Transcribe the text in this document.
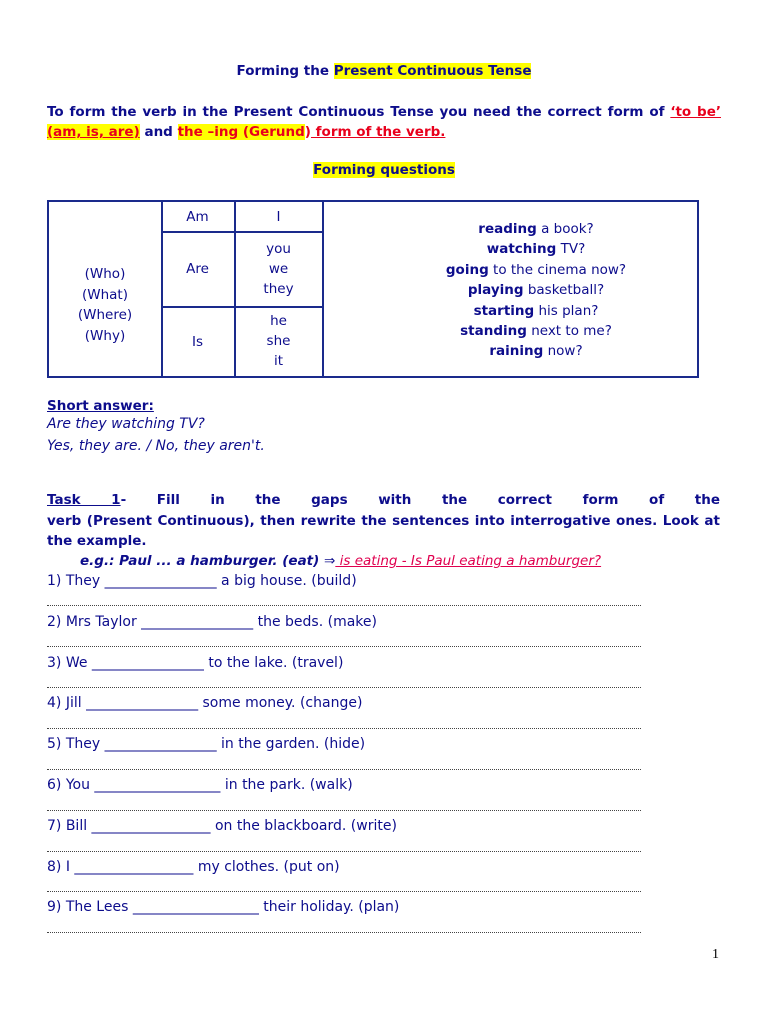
Forming the Present Continuous Tense
To form the verb in the Present Continuous Tense you need the correct form of ‘to be’
(am, is, are) and the –ing (Gerund) form of the verb.
Forming questions
(Who)
(What)
(Where)
(Why)
Am	I
Are
you
we
they
Is
he
she
it
reading a book?
watching TV?
going to the cinema now?
playing basketball?
starting his plan?
standing next to me?
raining now?
Short answer:
Are they watching TV?
Yes, they are. / No, they aren't.
Task 1- Fill in the gaps with the correct form of the
verb (Present Continuous), then rewrite the sentences into interrogative ones. Look at
the example.
e.g.: Paul ... a hamburger. (eat) ⇒ is eating - Is Paul eating a hamburger?
1) They ________________ a big house. (build)
2) Mrs Taylor ________________ the beds. (make)
3) We ________________ to the lake. (travel)
4) Jill ________________ some money. (change)
5) They ________________ in the garden. (hide)
6) You __________________ in the park. (walk)
7) Bill _________________ on the blackboard. (write)
8) I _________________ my clothes. (put on)
9) The Lees __________________ their holiday. (plan)
1
